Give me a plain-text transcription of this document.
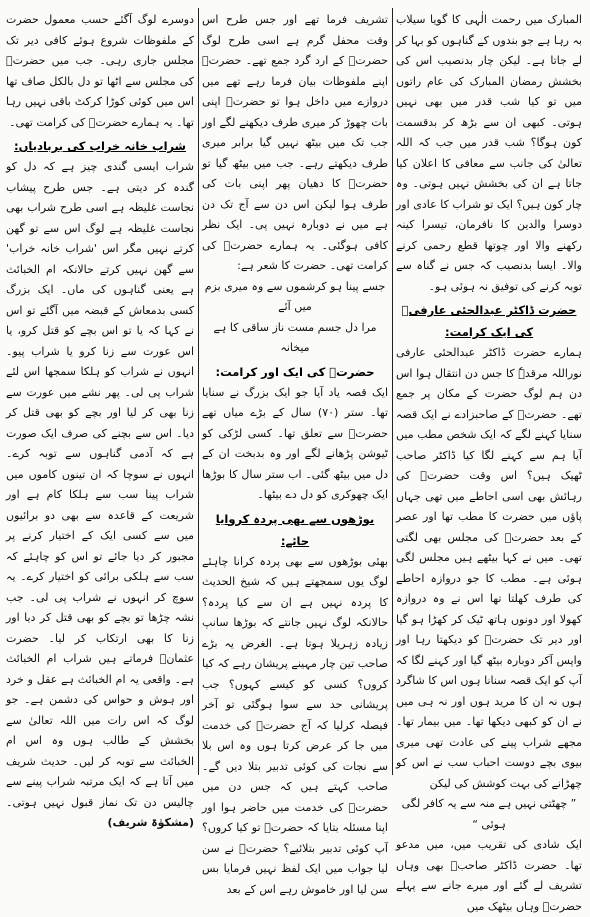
المبارک میں رحمت الٰہی کا گویا سیلاب بہ رہا ہے جو بندوں کے گناہوں کو بہا کر لے جاتا ہے۔ لیکن چار بدنصیب اس کی بخشش رمضان المبارک کی عام راتوں میں تو کیا شب قدر میں بھی نہیں ہوتی۔ کبھی ان سے بڑھ کر بدقسمت کون ہوگا؟ شب قدر میں جب کہ اللہ تعالیٰ کی جانب سے معافی کا اعلان کیا جاتا ہے ان کی بخشش نہیں ہوتی۔ وہ چار کون ہیں؟ ایک تو شراب کا عادی اور دوسرا والدین کا نافرمان، تیسرا کینہ رکھنے والا اور چوتھا قطع رحمی کرنے والا۔ ایسا بدنصیب کہ جس نے گناہ سے توبہ کرنے کی توفیق نہ ہوئی ہو۔

حضرت ڈاکٹر عبدالحئی عارفیؒ کی ایک کرامت:

ہمارے حضرت ڈاکٹر عبدالحئی عارفی نوراللہ مرقدہٗ کا جس دن انتقال ہوا اس دن ہم لوگ حضرت کے مکان پر جمع تھے۔ حضرتؒ کے صاحبزادے نے ایک قصہ سنایا کہنے لگے کہ ایک شخص مطب میں آیا ہم سے کہنے لگا کیا ڈاکٹر صاحب ٹھیک ہیں؟ اس وقت حضرتؒ کی رہائش بھی اسی احاطے میں تھی جہاں پاؤں میں حضرت کا مطب تھا اور عصر کے بعد حضرتؒ کی مجلس بھی لگتی تھی۔ میں نے کہا بیٹھے ہیں مجلس لگی ہوئی ہے۔ مطب کا جو دروازہ احاطے کی طرف کھلتا تھا اس نے وہ دروازہ کھولا اور دونوں ہاتھ ٹیک کر کھڑا ہو گیا اور دیر تک حضرتؒ کو دیکھتا رہا اور واپس آکر دوبارہ بیٹھ گیا اور کہنے لگا کہ آپ کو ایک قصہ سنانا ہوں اس کا شاگرد ہوں نہ ان کا مرید ہوں اور نہ ہی میں نے ان کو کبھی دیکھا تھا۔ میں بیمار تھا۔ مجھے شراب پینے کی عادت تھی میری بیوی بچے دوست احباب سب نے اس کو چھڑانے کی بہت کوشش کی لیکن

” چھٹتی نہیں ہے منہ سے یہ کافر لگی ہوئی “

ایک شادی کی تقریب میں، میں مدعو تھا۔ حضرت ڈاکٹر صاحبؒ بھی وہاں تشریف لے گئے اور میرے جانے سے پہلے حضرتؒ وہاں بیٹھک میں

تشریف فرما تھے اور جس طرح اس وقت محفل گرم ہے اسی طرح لوگ حضرتؒ کے ارد گرد جمع تھے۔ حضرتؒ اپنے ملفوظات بیان فرما رہے تھے میں دروازے میں داخل ہوا تو حضرتؒ اپنی بات چھوڑ کر میری طرف دیکھنے لگے اور جب تک میں بیٹھ نہیں گیا برابر میری طرف دیکھتے رہے۔ جب میں بیٹھ گیا تو حضرتؒ کا دھیان پھر اپنی بات کی طرف ہوا لیکن اس دن سے آج تک دن ہے میں نے دوبارہ نہیں پی۔ ایک نظر کافی ہوگئی۔ یہ ہمارے حضرتؒ کی کرامت تھی۔ حضرت کا شعر ہے:

جسے پینا ہو کرشموں سے وہ میری بزم میں آئے

مرا دل جسم مست ناز ساقی کا ہے میخانہ

حضرتؒ کی ایک اور کرامت:

ایک قصہ یاد آیا جو ایک بزرگ نے سنایا تھا۔ ستر (۷۰) سال کے بڑے میاں تھے حضرتؒ سے تعلق تھا۔ کسی لڑکی کو ٹیوشن پڑھانے لگے اور وہ بدبخت ان کے دل میں بیٹھ گئی۔ اب ستر سال کا بوڑھا ایک چھوکری کو دل دے بیٹھا۔

بوڑھوں سے بھی پردہ کروایا جائے:

بھئی بوڑھوں سے بھی پردہ کرانا چاہئے لوگ یوں سمجھتے ہیں کہ شیخ الحدیث کا پردہ نہیں ہے ان سے کیا پردہ؟ حالانکہ لوگ نہیں جانتے کہ بوڑھا سانپ زیادہ زہریلا ہوتا ہے۔ الغرض یہ بڑے صاحب تین چار مہینے پریشان رہے کہ کیا کروں؟ کسی کو کیسے کہوں؟ جب پریشانی حد سے سوا ہوگئی تو آخر فیصلہ کرلیا کہ آج حضرتؒ کی خدمت میں جا کر عرض کرتا ہوں وہ اس بلا سے نجات کی کوئی تدبیر بتلا دیں گے۔ صاحب کہتے ہیں کہ جس دن میں حضرتؒ کی خدمت میں حاضر ہوا اور اپنا مسئلہ بتایا کہ حضرتؒ تو کیا کروں؟ آپ کوئی تدبیر بتلائیے؟ حضرتؒ نے سن لیا جواب میں ایک لفظ نہیں فرمایا بس سن لیا اور خاموش رہے اس کے بعد

دوسرے لوگ آگئے حسب معمول حضرت کے ملفوظات شروع ہوئے کافی دیر تک مجلس جاری رہی۔ جب میں حضرتؒ کی مجلس سے اٹھا تو دل بالکل صاف تھا اس میں کوئی کوڑا کرکٹ باقی نہیں رہا تھا۔ یہ ہمارے حضرتؒ کی کرامت تھی۔

شراب خانہ خراب کی بربادیاں:

شراب ایسی گندی چیز ہے کہ دل کو گندہ کر دیتی ہے۔ جس طرح پیشاب نجاست غلیظہ ہے اسی طرح شراب بھی نجاست غلیظہ ہے لوگ اس سے تو گھن کرتے نہیں مگر اس 'شراب خانہ خراب' سے گھن نہیں کرتے حالانکہ ام الخبائث ہے یعنی گناہوں کی ماں۔ ایک بزرگ کسی بدمعاش کے قبضہ میں آگئے تو اس نے کہا کہ یا تو اس بچے کو قتل کرو، یا اس عورت سے زنا کرو یا شراب پیو۔ انہوں نے شراب کو ہلکا سمجھا اس لئے شراب پی لی۔ پھر نشے میں عورت سے زنا بھی کر لیا اور بچے کو بھی قتل کر دیا۔ اس سے بچنے کی صرف ایک صورت ہے کہ آدمی گناہوں سے توبہ کرے۔ انہوں نے سوچا کہ ان تینوں کاموں میں شراب پینا سب سے ہلکا کام ہے اور شریعت کے قاعدہ سے بھی دو برائیوں میں سے کسی ایک کے اختیار کرنے پر مجبور کر دیا جائے تو اس کو چاہئے کہ سب سے ہلکی برائی کو اختیار کرے۔ یہ سوچ کر انہوں نے شراب پی لی۔ جب نشہ چڑھا تو بچے کو بھی قتل کر دیا اور زنا کا بھی ارتکاب کر لیا۔ حضرت عثمانؓ فرماتے ہیں شراب ام الخبائث ہے۔ واقعی یہ ام الخبائث ہے عقل و خرد اور ہوش و حواس کی دشمن ہے۔ جو لوگ کہ اس رات میں اللہ تعالیٰ سے بخشش کے طالب ہوں وہ اس ام الخبائث سے توبہ کر لیں۔ حدیث شریف میں آتا ہے کہ ایک مرتبہ شراب پینے سے چالیس دن تک نماز قبول نہیں ہوتی۔ (مشکوٰۃ شریف)
